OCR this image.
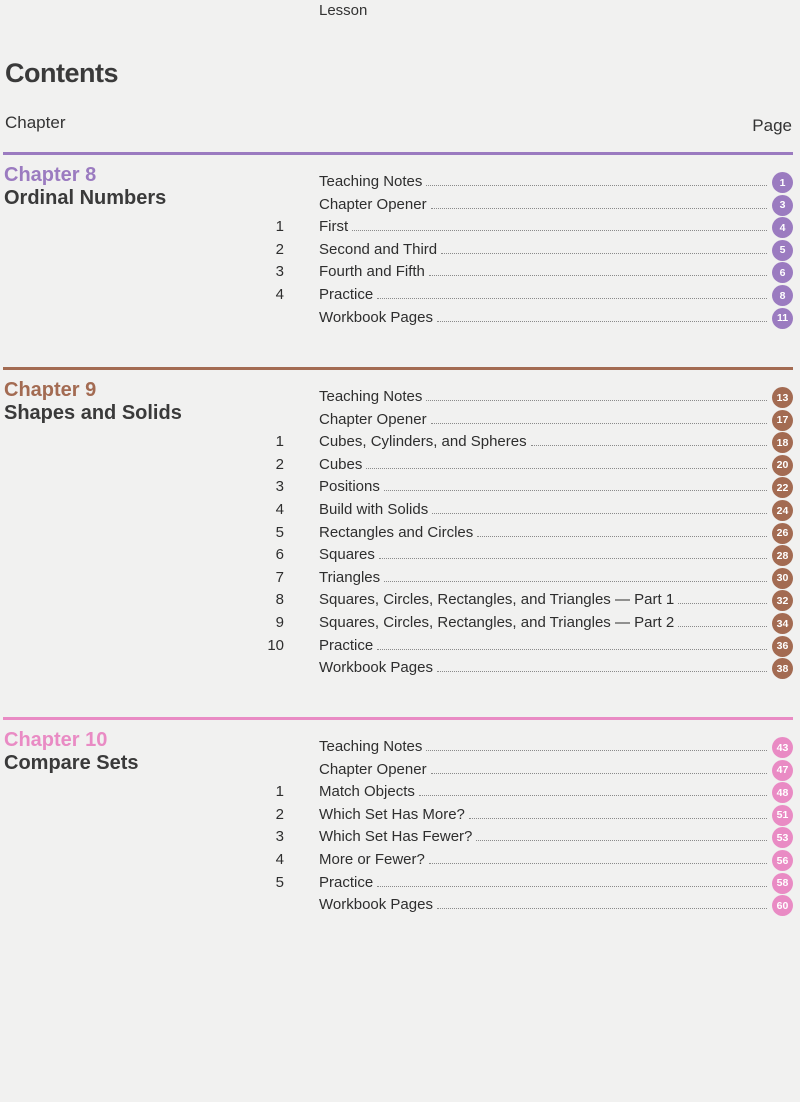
Contents
Chapter
Lesson
Page
Chapter 8
Ordinal Numbers
Teaching Notes	1
Chapter Opener	3
1 First	4
2 Second and Third	5
3 Fourth and Fifth	6
4 Practice	8
Workbook Pages	11
Chapter 9
Shapes and Solids
Teaching Notes	13
Chapter Opener	17
1 Cubes, Cylinders, and Spheres	18
2 Cubes	20
3 Positions	22
4 Build with Solids	24
5 Rectangles and Circles	26
6 Squares	28
7 Triangles	30
8 Squares, Circles, Rectangles, and Triangles — Part 1	32
9 Squares, Circles, Rectangles, and Triangles — Part 2	34
10 Practice	36
Workbook Pages	38
Chapter 10
Compare Sets
Teaching Notes	43
Chapter Opener	47
1 Match Objects	48
2 Which Set Has More?	51
3 Which Set Has Fewer?	53
4 More or Fewer?	56
5 Practice	58
Workbook Pages	60
